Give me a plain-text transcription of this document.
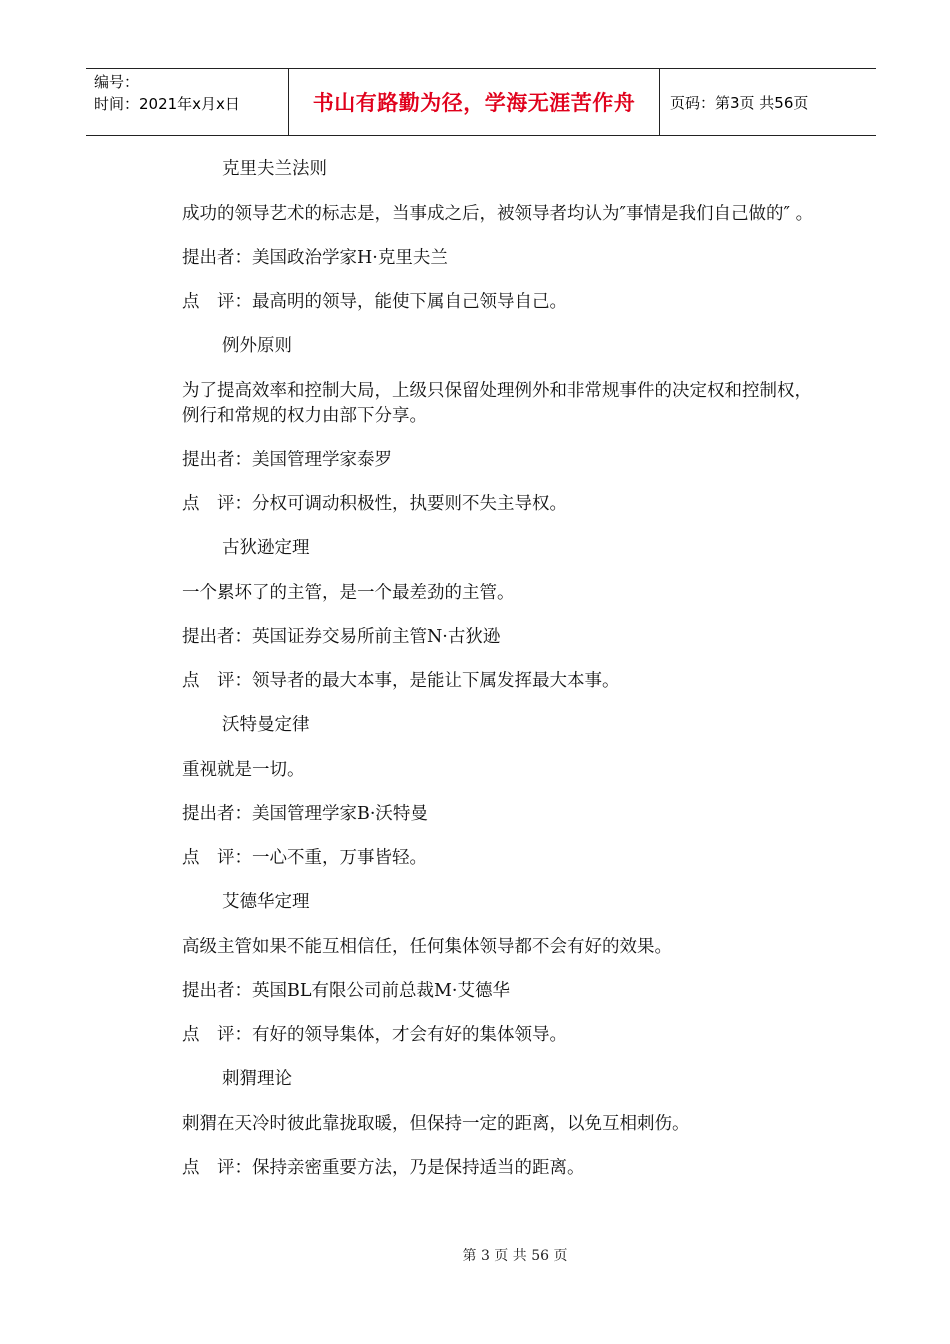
编号：
时间：2021年x月x日	书山有路勤为径，学海无涯苦作舟	页码：第3页 共56页

克里夫兰法则

成功的领导艺术的标志是，当事成之后，被领导者均认为″事情是我们自己做的″ 。

提出者：美国政治学家H·克里夫兰

点　评：最高明的领导，能使下属自己领导自己。

例外原则

为了提高效率和控制大局，上级只保留处理例外和非常规事件的决定权和控制权，例行和常规的权力由部下分享。

提出者：美国管理学家泰罗

点　评：分权可调动积极性，执要则不失主导权。

古狄逊定理

一个累坏了的主管，是一个最差劲的主管。

提出者：英国证券交易所前主管N·古狄逊

点　评：领导者的最大本事，是能让下属发挥最大本事。

沃特曼定律

重视就是一切。

提出者：美国管理学家B·沃特曼

点　评：一心不重，万事皆轻。

艾德华定理

高级主管如果不能互相信任，任何集体领导都不会有好的效果。

提出者：英国BL有限公司前总裁M·艾德华

点　评：有好的领导集体，才会有好的集体领导。

刺猬理论

刺猬在天冷时彼此靠拢取暖，但保持一定的距离，以免互相刺伤。

点　评：保持亲密重要方法，乃是保持适当的距离。

第 3 页 共 56 页
